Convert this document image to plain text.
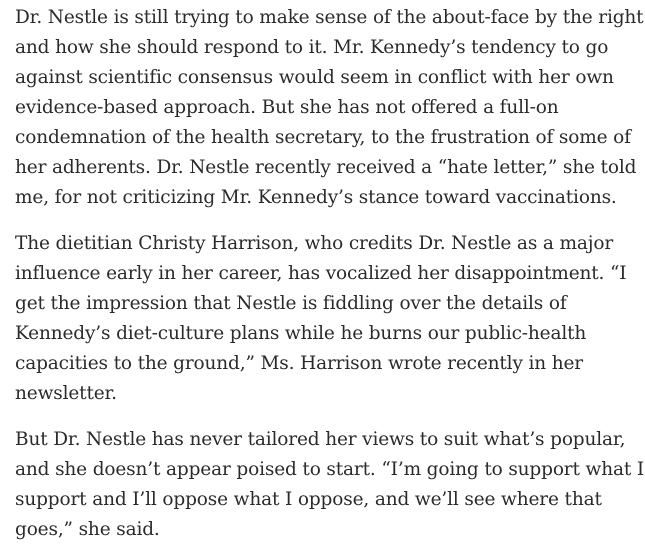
Dr. Nestle is still trying to make sense of the about-face by the right
and how she should respond to it. Mr. Kennedy’s tendency to go
against scientific consensus would seem in conflict with her own
evidence-based approach. But she has not offered a full-on
condemnation of the health secretary, to the frustration of some of
her adherents. Dr. Nestle recently received a “hate letter,” she told
me, for not criticizing Mr. Kennedy’s stance toward vaccinations.

The dietitian Christy Harrison, who credits Dr. Nestle as a major
influence early in her career, has vocalized her disappointment. “I
get the impression that Nestle is fiddling over the details of
Kennedy’s diet-culture plans while he burns our public-health
capacities to the ground,” Ms. Harrison wrote recently in her
newsletter.

But Dr. Nestle has never tailored her views to suit what’s popular,
and she doesn’t appear poised to start. “I’m going to support what I
support and I’ll oppose what I oppose, and we’ll see where that
goes,” she said.
